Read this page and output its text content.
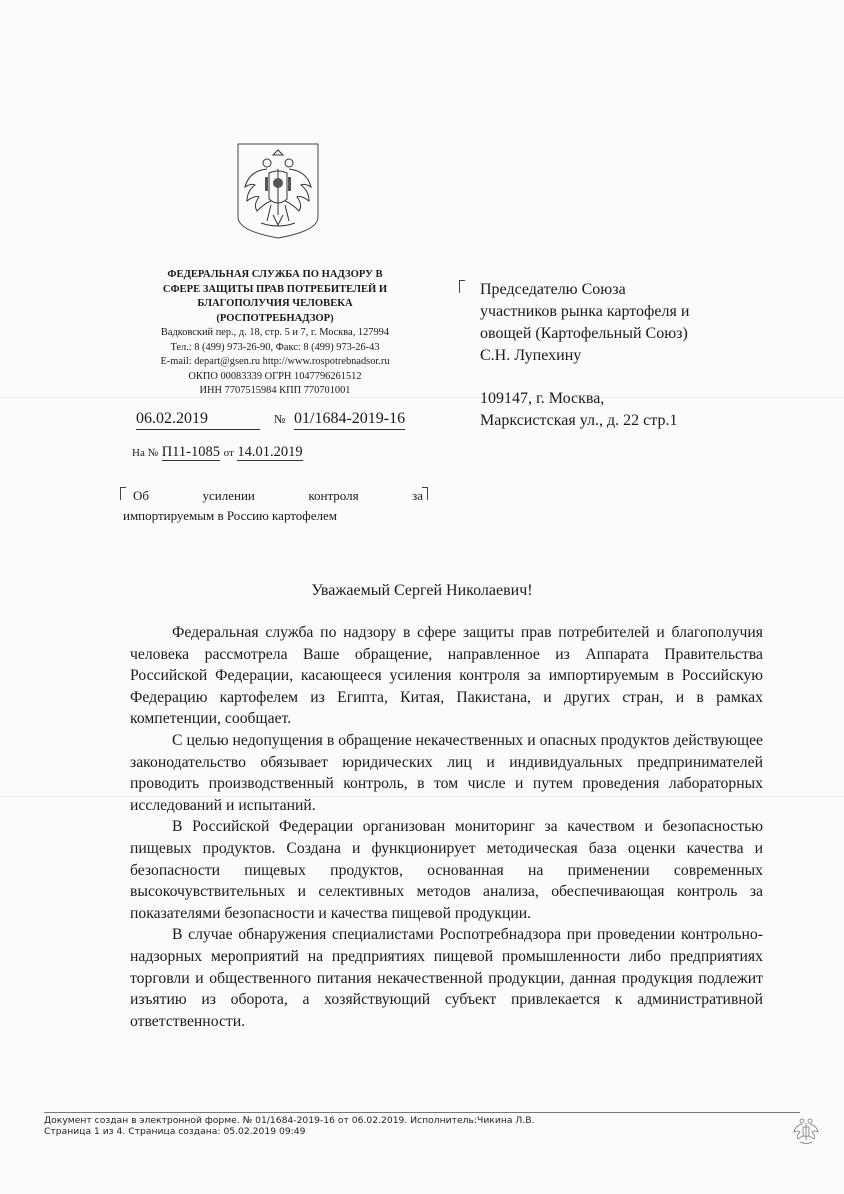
ФЕДЕРАЛЬНАЯ СЛУЖБА ПО НАДЗОРУ В
СФЕРЕ ЗАЩИТЫ ПРАВ ПОТРЕБИТЕЛЕЙ И
БЛАГОПОЛУЧИЯ ЧЕЛОВЕКА
(РОСПОТРЕБНАДЗОР)
Вадковский пер., д. 18, стр. 5 и 7, г. Москва, 127994
Тел.: 8 (499) 973-26-90, Факс: 8 (499) 973-26-43
E-mail: depart@gsen.ru http://www.rospotrebnadsor.ru
ОКПО 00083339 ОГРН 1047796261512
ИНН 7707515984 КПП 770701001
06.02.2019	№ 01/1684-2019-16
На № П11-1085 от 14.01.2019
Об усилении контроля за
импортируемым в Россию картофелем
Председателю Союза
участников рынка картофеля и
овощей (Картофельный Союз)
С.Н. Лупехину
109147, г. Москва,
Марксистская ул., д. 22 стр.1
Уважаемый Сергей Николаевич!

Федеральная служба по надзору в сфере защиты прав потребителей и благополучия человека рассмотрела Ваше обращение, направленное из Аппарата Правительства Российской Федерации, касающееся усиления контроля за импортируемым в Российскую Федерацию картофелем из Египта, Китая, Пакистана, и других стран, и в рамках компетенции, сообщает.

С целью недопущения в обращение некачественных и опасных продуктов действующее законодательство обязывает юридических лиц и индивидуальных предпринимателей проводить производственный контроль, в том числе и путем проведения лабораторных исследований и испытаний.

В Российской Федерации организован мониторинг за качеством и безопасностью пищевых продуктов. Создана и функционирует методическая база оценки качества и безопасности пищевых продуктов, основанная на применении современных высокочувствительных и селективных методов анализа, обеспечивающая контроль за показателями безопасности и качества пищевой продукции.

В случае обнаружения специалистами Роспотребнадзора при проведении контрольно-надзорных мероприятий на предприятиях пищевой промышленности либо предприятиях торговли и общественного питания некачественной продукции, данная продукция подлежит изъятию из оборота, а хозяйствующий субъект привлекается к административной ответственности.

Документ создан в электронной форме. № 01/1684-2019-16 от 06.02.2019. Исполнитель:Чикина Л.В.
Страница 1 из 4. Страница создана: 05.02.2019 09:49
